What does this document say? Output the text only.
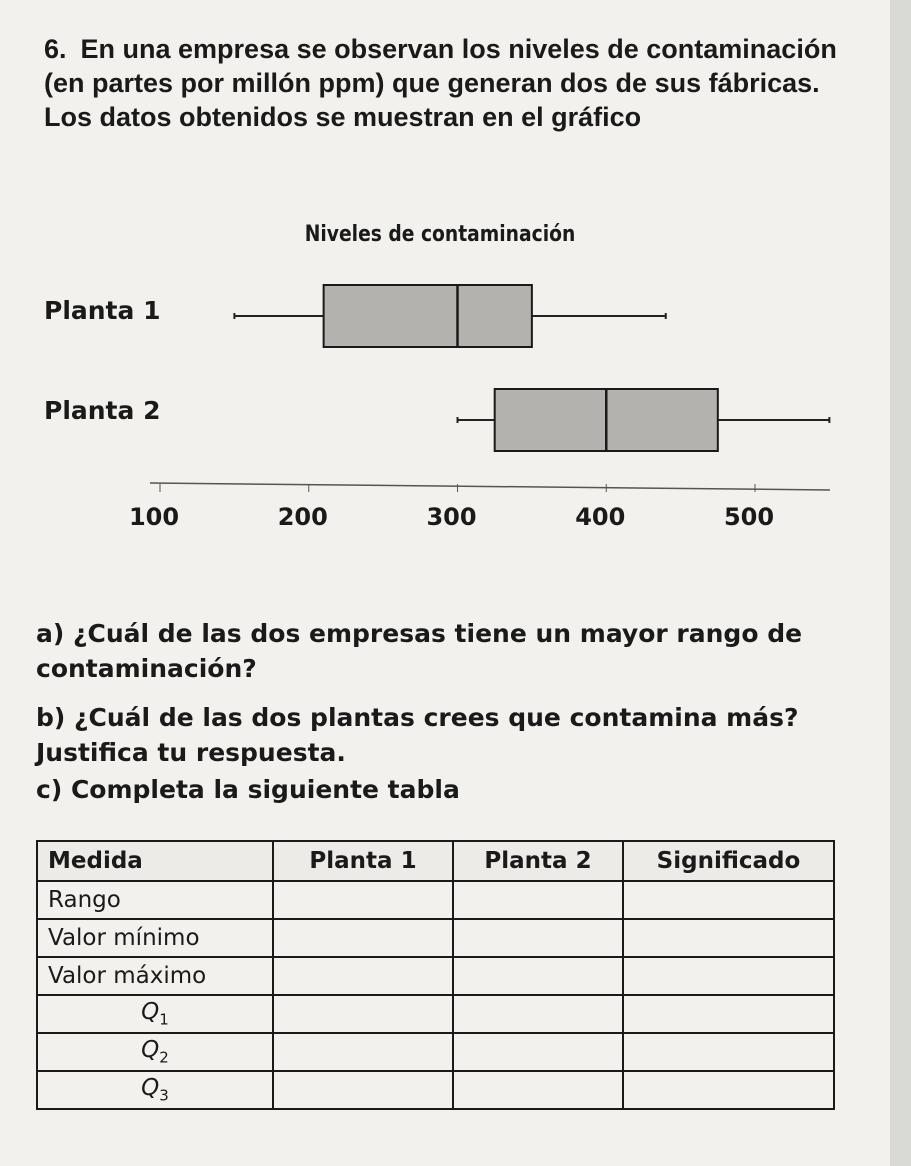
6. En una empresa se observan los niveles de contaminación (en partes por millón ppm) que generan dos de sus fábricas. Los datos obtenidos se muestran en el gráfico
Niveles de contaminación
Planta 1
Planta 2
100	200	300	400	500
a) ¿Cuál de las dos empresas tiene un mayor rango de contaminación?
b) ¿Cuál de las dos plantas crees que contamina más? Justifica tu respuesta.
c) Completa la siguiente tabla
Medida	Planta 1	Planta 2	Significado
Rango			
Valor mínimo			
Valor máximo			
$Q_1$			
$Q_2$			
$Q_3$			
